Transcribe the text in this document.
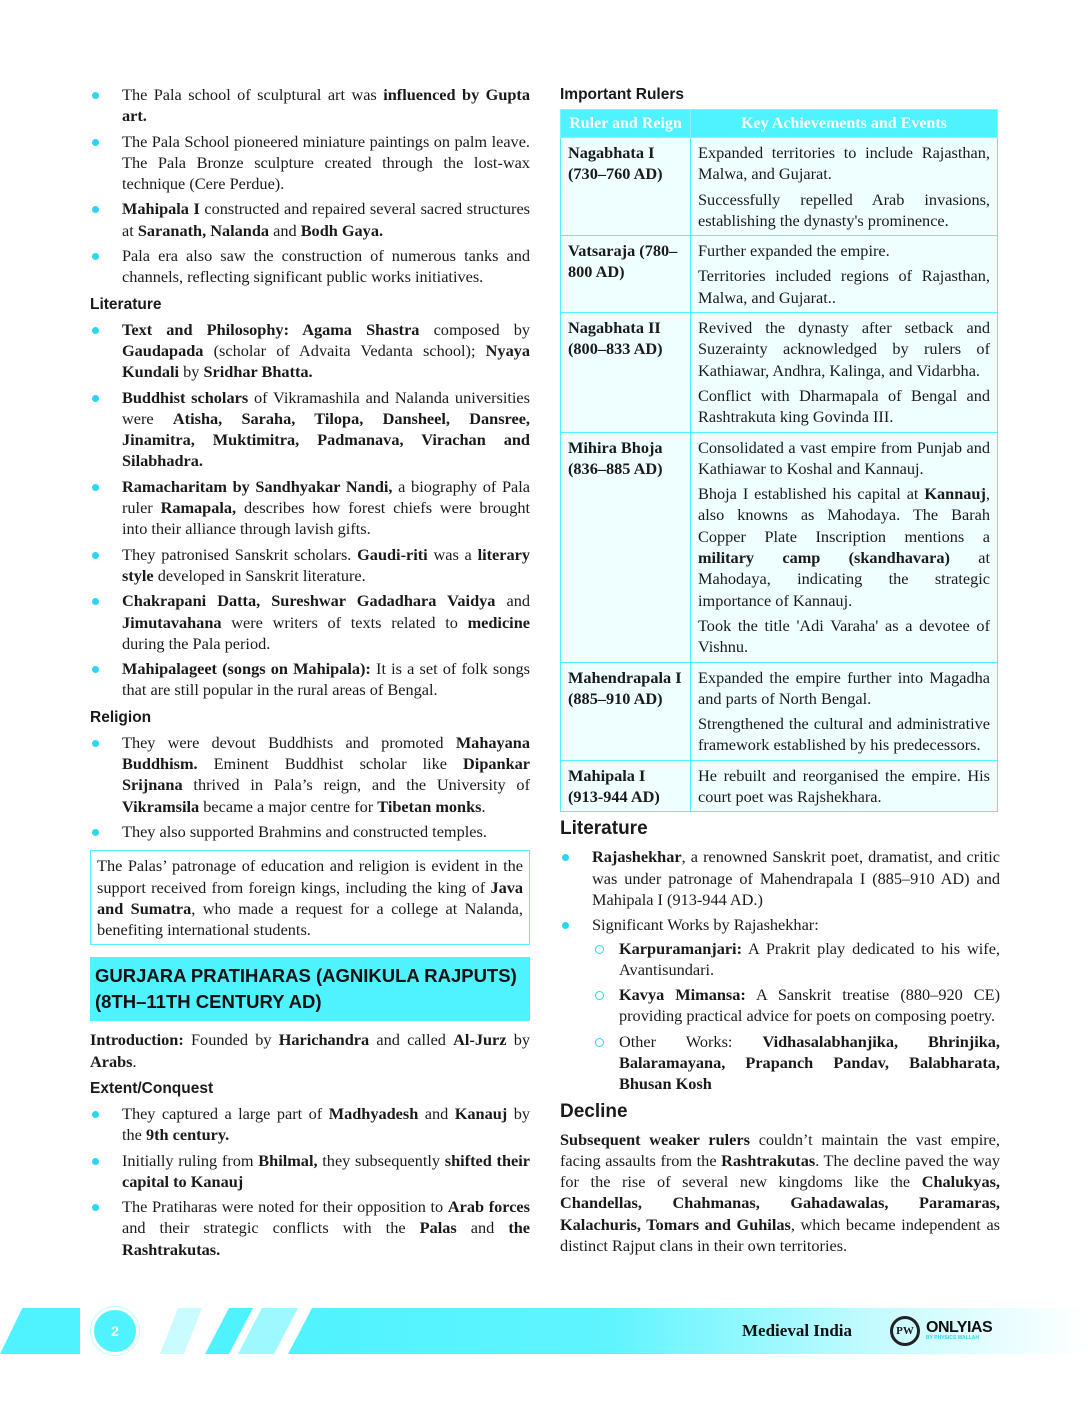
The Pala school of sculptural art was influenced by Gupta art.
The Pala School pioneered miniature paintings on palm leave. The Pala Bronze sculpture created through the lost-wax technique (Cere Perdue).
Mahipala I constructed and repaired several sacred structures at Saranath, Nalanda and Bodh Gaya.
Pala era also saw the construction of numerous tanks and channels, reflecting significant public works initiatives.
Literature
Text and Philosophy: Agama Shastra composed by Gaudapada (scholar of Advaita Vedanta school); Nyaya Kundali by Sridhar Bhatta.
Buddhist scholars of Vikramashila and Nalanda universities were Atisha, Saraha, Tilopa, Dansheel, Dansree, Jinamitra, Muktimitra, Padmanava, Virachan and Silabhadra.
Ramacharitam by Sandhyakar Nandi, a biography of Pala ruler Ramapala, describes how forest chiefs were brought into their alliance through lavish gifts.
They patronised Sanskrit scholars. Gaudi-riti was a literary style developed in Sanskrit literature.
Chakrapani Datta, Sureshwar Gadadhara Vaidya and Jimutavahana were writers of texts related to medicine during the Pala period.
Mahipalageet (songs on Mahipala): It is a set of folk songs that are still popular in the rural areas of Bengal.
Religion
They were devout Buddhists and promoted Mahayana Buddhism. Eminent Buddhist scholar like Dipankar Srijnana thrived in Pala’s reign, and the University of Vikramsila became a major centre for Tibetan monks.
They also supported Brahmins and constructed temples.

The Palas’ patronage of education and religion is evident in the support received from foreign kings, including the king of Java and Sumatra, who made a request for a college at Nalanda, benefiting international students.

GURJARA PRATIHARAS (AGNIKULA RAJPUTS) (8TH–11TH CENTURY AD)

Introduction: Founded by Harichandra and called Al-Jurz by Arabs.

Extent/Conquest
They captured a large part of Madhyadesh and Kanauj by the 9th century.
Initially ruling from Bhilmal, they subsequently shifted their capital to Kanauj
The Pratiharas were noted for their opposition to Arab forces and their strategic conflicts with the Palas and the Rashtrakutas.
Important Rulers
Ruler and Reign	Key Achievements and Events
Nagabhata I (730–760 AD)	Expanded territories to include Rajasthan, Malwa, and Gujarat.

Successfully repelled Arab invasions, establishing the dynasty's prominence.

Vatsaraja (780–800 AD)	Further expanded the empire.

Territories included regions of Rajasthan, Malwa, and Gujarat..

Nagabhata II (800–833 AD)	Revived the dynasty after setback and Suzerainty acknowledged by rulers of Kathiawar, Andhra, Kalinga, and Vidarbha.

Conflict with Dharmapala of Bengal and Rashtrakuta king Govinda III.

Mihira Bhoja (836–885 AD)	Consolidated a vast empire from Punjab and Kathiawar to Koshal and Kannauj.

Bhoja I established his capital at Kannauj, also knowns as Mahodaya. The Barah Copper Plate Inscription mentions a military camp (skandhavara) at Mahodaya, indicating the strategic importance of Kannauj.

Took the title 'Adi Varaha' as a devotee of Vishnu.

Mahendrapala I (885–910 AD)	Expanded the empire further into Magadha and parts of North Bengal.

Strengthened the cultural and administrative framework established by his predecessors.

Mahipala I (913-944 AD)	He rebuilt and reorganised the empire. His court poet was Rajshekhara.

Literature
Rajashekhar, a renowned Sanskrit poet, dramatist, and critic was under patronage of Mahendrapala I (885–910 AD) and Mahipala I (913-944 AD.)
Significant Works by Rajashekhar:
Karpuramanjari: A Prakrit play dedicated to his wife, Avantisundari.
Kavya Mimansa: A Sanskrit treatise (880–920 CE) providing practical advice for poets on composing poetry.
Other Works: Vidhasalabhanjika, Bhrinjika, Balaramayana, Prapanch Pandav, Balabharata, Bhusan Kosh
Decline

Subsequent weaker rulers couldn’t maintain the vast empire, facing assaults from the Rashtrakutas. The decline paved the way for the rise of several new kingdoms like the Chalukyas, Chandellas, Chahmanas, Gahadawalas, Paramaras, Kalachuris, Tomars and Guhilas, which became independent as distinct Rajput clans in their own territories.

2	Medieval India	PW ONLYIAS
BY PHYSICS WALLAH
